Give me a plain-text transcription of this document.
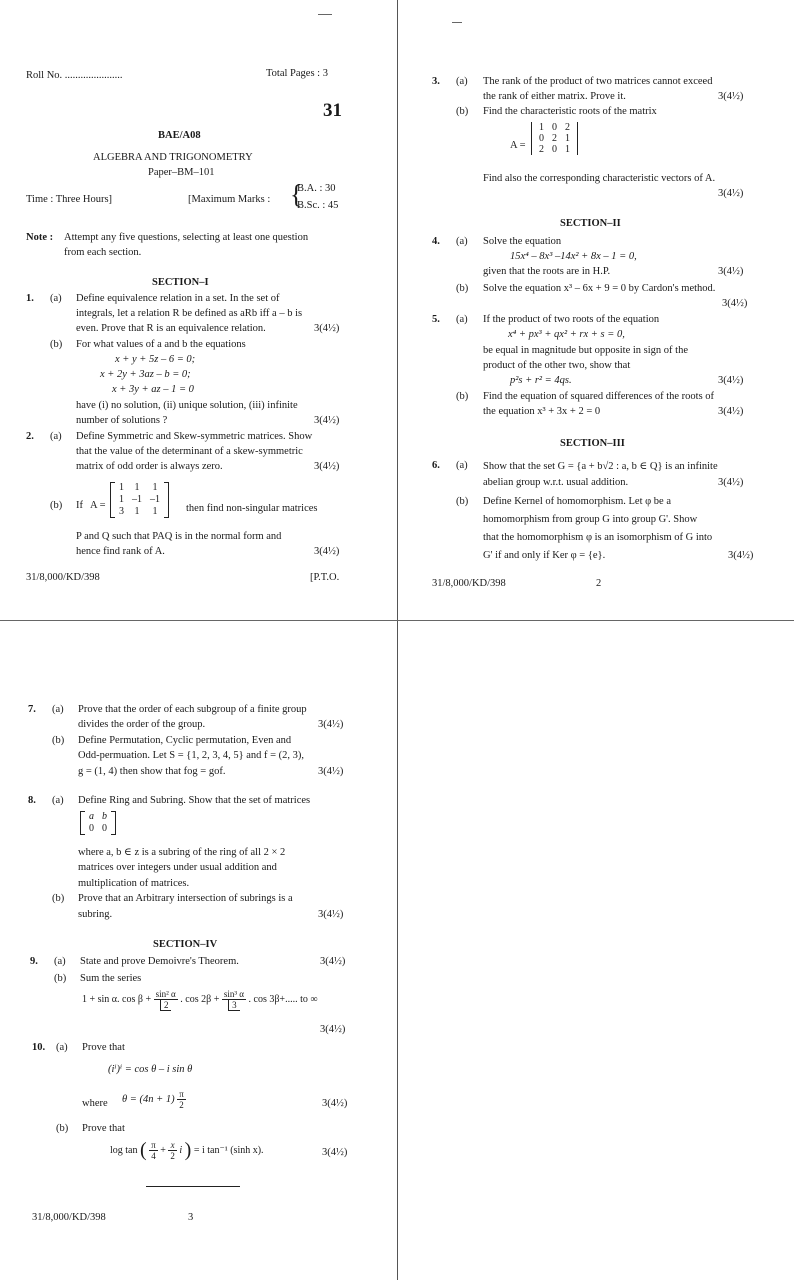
Roll No. ......................	Total Pages : 3
31
BAE/A08
ALGEBRA AND TRIGONOMETRY
Paper–BM–101
Time : Three Hours]	[Maximum Marks : {
B.A. : 30
B.Sc. : 45
Note : Attempt any five questions, selecting at least one question
from each section.
SECTION–I
1. (a) Define equivalence relation in a set. In the set of
integrals, let a relation R be defined as aRb iff a – b is
even. Prove that R is an equivalence relation.	3(4½)
(b) For what values of a and b the equations
x + y + 5z – 6 = 0;
x + 2y + 3az – b = 0;
x + 3y + az – 1 = 0
have (i) no solution, (ii) unique solution, (iii) infinite
number of solutions ?	3(4½)
2. (a) Define Symmetric and Skew-symmetric matrices. Show
that the value of the determinant of a skew-symmetric
matrix of odd order is always zero.	3(4½)
(b) If A =
1	1	1
1	–1	–1
3	1	1	then find non-singular matrices
P and Q such that PAQ is in the normal form and
hence find rank of A.	3(4½)
31/8,000/KD/398	[P.T.O.
3. (a) The rank of the product of two matrices cannot exceed
the rank of either matrix. Prove it.	3(4½)
(b) Find the characteristic roots of the matrix
A =
1	0	2
0	2	1
2	0	1
Find also the corresponding characteristic vectors of A.
3(4½)
SECTION–II
4. (a) Solve the equation
15x⁴ – 8x³ –14x² + 8x – 1 = 0,
given that the roots are in H.P.	3(4½)
(b) Solve the equation x³ – 6x + 9 = 0 by Cardon's method.
3(4½)
5. (a) If the product of two roots of the equation
x⁴ + px³ + qx² + rx + s = 0,
be equal in magnitude but opposite in sign of the
product of the other two, show that
p²s + r² = 4qs.	3(4½)
(b) Find the equation of squared differences of the roots of
the equation x³ + 3x + 2 = 0	3(4½)
SECTION–III
6. (a) Show that the set G = {a + b√2 : a, b ∈ Q} is an infinite
abelian group w.r.t. usual addition.	3(4½)
(b) Define Kernel of homomorphism. Let φ be a
homomorphism from group G into group G'. Show
that the homomorphism φ is an isomorphism of G into
G' if and only if Ker φ = {e}.	3(4½)
31/8,000/KD/398	2
7. (a) Prove that the order of each subgroup of a finite group
divides the order of the group.	3(4½)
(b) Define Permutation, Cyclic permutation, Even and
Odd-permuation. Let S = {1, 2, 3, 4, 5} and f = (2, 3),
g = (1, 4) then show that fog = gof.	3(4½)
8. (a) Define Ring and Subring. Show that the set of matrices
a	b
0	0
where a, b ∈ z is a subring of the ring of all 2 × 2
matrices over integers under usual addition and
multiplication of matrices.
(b) Prove that an Arbitrary intersection of subrings is a
subring.	3(4½)
SECTION–IV
9. (a) State and prove Demoivre's Theorem.	3(4½)
(b) Sum the series
1 + sin α. $\cos \beta + \frac{\text{sin² α}}{2}$ . $\cos 2\beta + \frac{\text{sin³ α}}{3}$ . cos 3β+..... to ∞
3(4½)
10. (a) Prove that
(iⁱ)ⁱ = cos θ – i sin θ
where $\theta = (4n + 1) \frac{\pi}{2}$	3(4½)
(b) Prove that
log tan ( $\frac{\pi}{4} + \frac{x}{2}$ i ) = i tan⁻¹ (sinh x).	3(4½)
31/8,000/KD/398	3
